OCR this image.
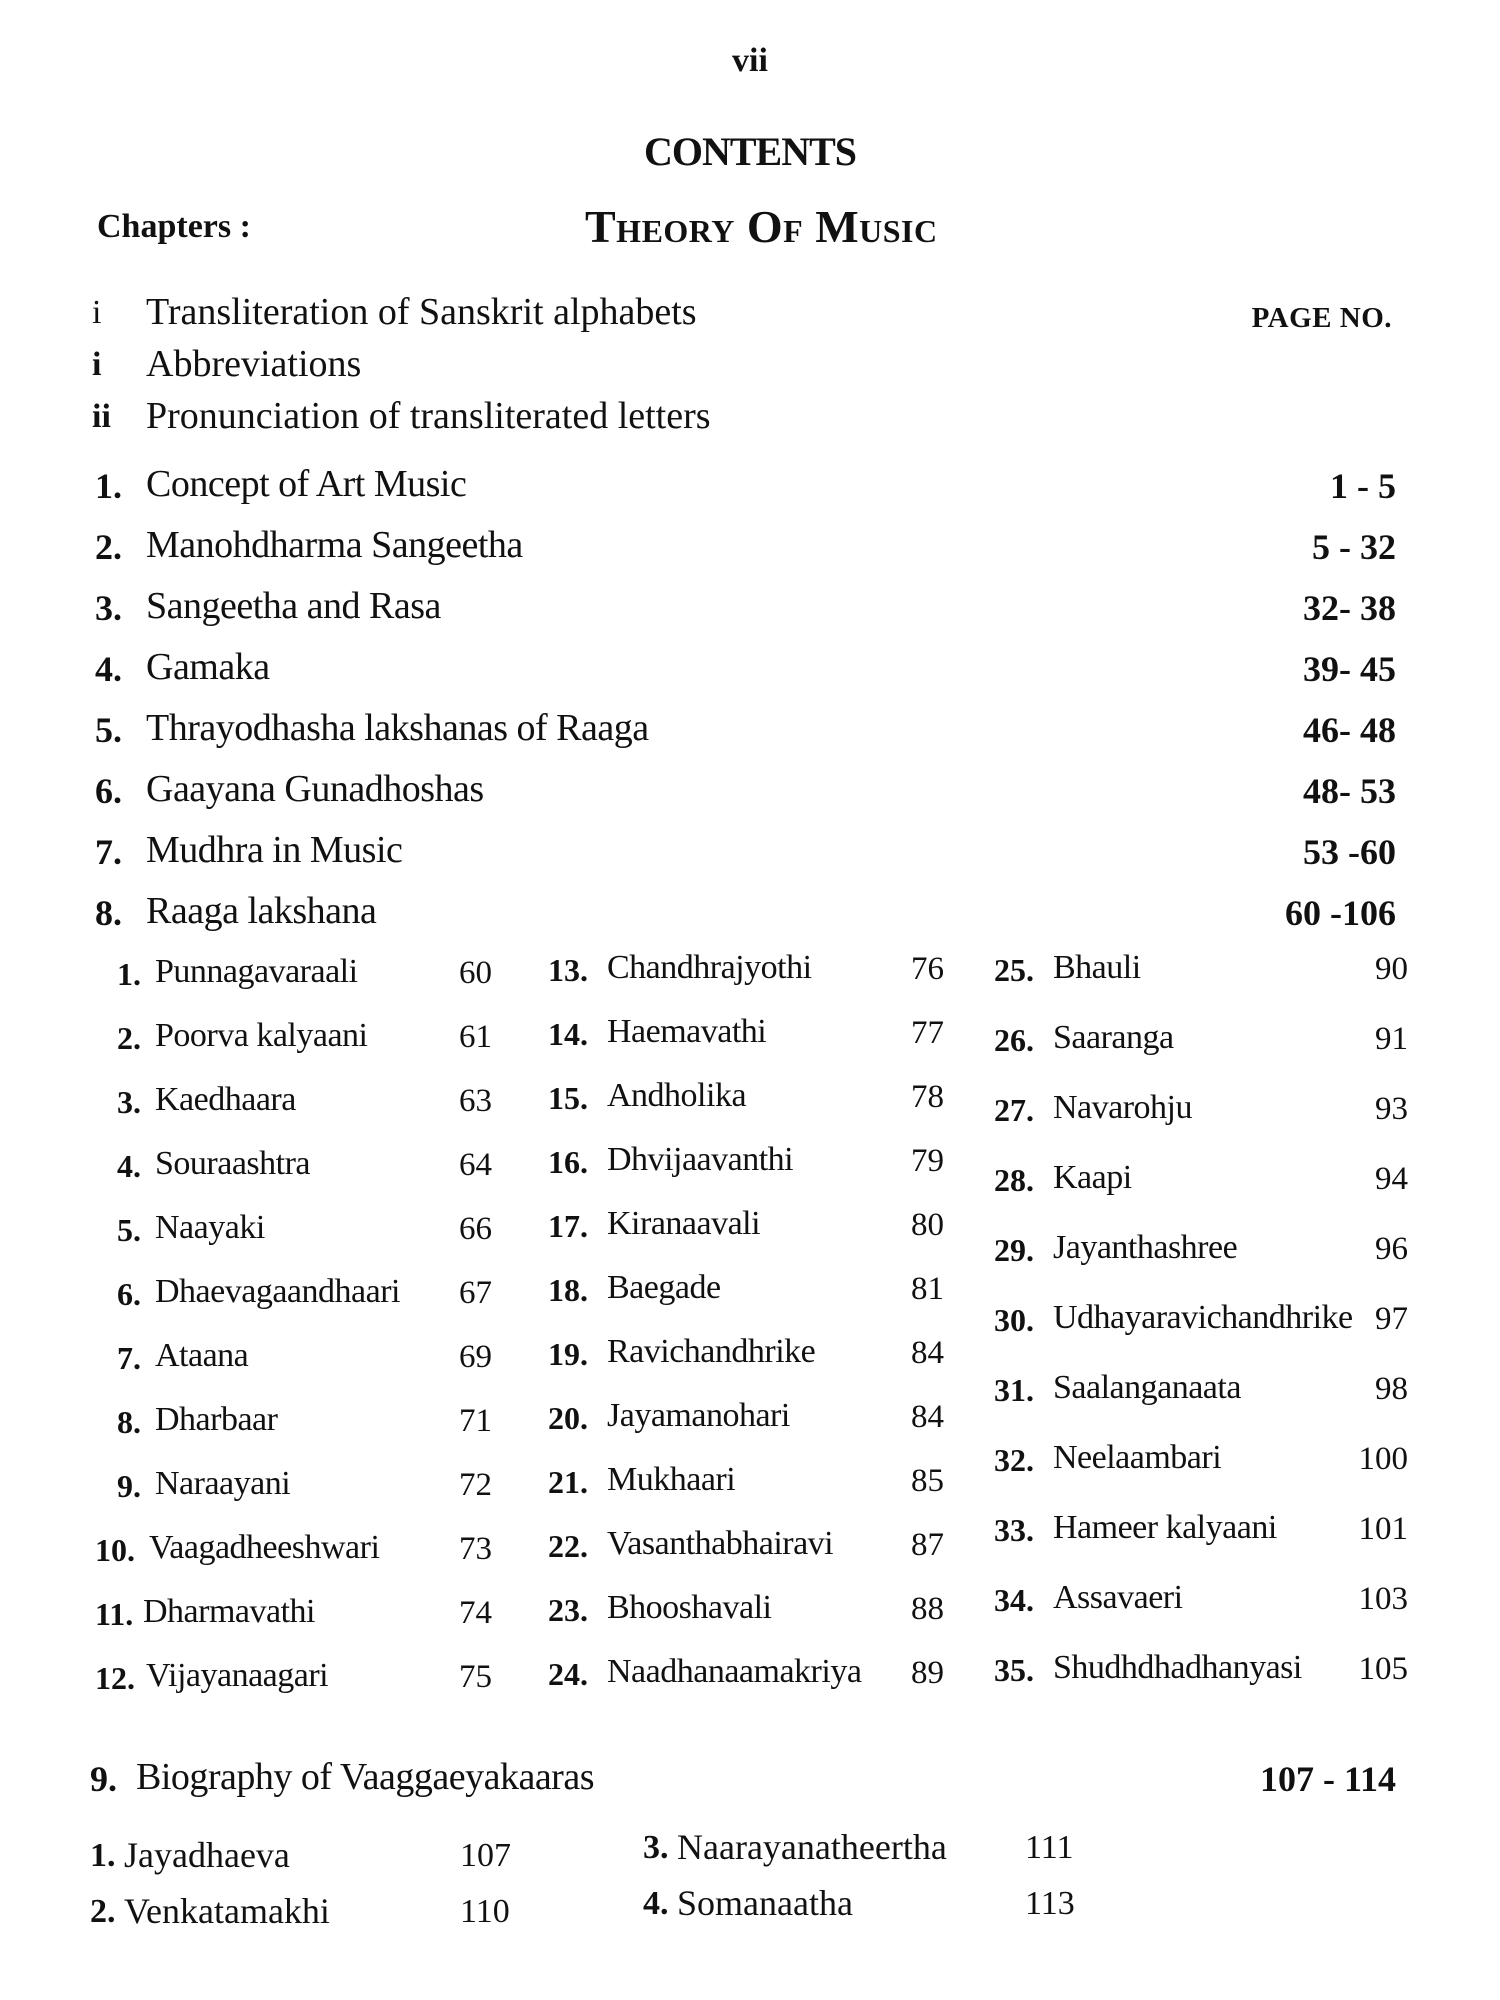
vii
CONTENTS
Chapters :	Theory Of Music
PAGE NO.
i Transliteration of Sanskrit alphabets
i Abbreviations
ii Pronunciation of transliterated letters
1. Concept of Art Music	1 - 5
2. Manohdharma Sangeetha	5 - 32
3. Sangeetha and Rasa	32- 38
4. Gamaka	39- 45
5. Thrayodhasha lakshanas of Raaga	46- 48
6. Gaayana Gunadhoshas	48- 53
7. Mudhra in Music	53 -60
8. Raaga lakshana	60 -106
1. Punnagavaraali	60
2. Poorva kalyaani	61
3. Kaedhaara	63
4. Souraashtra	64
5. Naayaki	66
6. Dhaevagaandhaari	67
7. Ataana	69
8. Dharbaar	71
9. Naraayani	72
10. Vaagadheeshwari	73
11. Dharmavathi	74
12. Vijayanaagari	75
13. Chandhrajyothi	76
14. Haemavathi	77
15. Andholika	78
16. Dhvijaavanthi	79
17. Kiranaavali	80
18. Baegade	81
19. Ravichandhrike	84
20. Jayamanohari	84
21. Mukhaari	85
22. Vasanthabhairavi	87
23. Bhooshavali	88
24. Naadhanaamakriya	89
25. Bhauli	90
26. Saaranga	91
27. Navarohju	93
28. Kaapi	94
29. Jayanthashree	96
30. Udhayaravichandhrike 97
31. Saalanganaata	98
32. Neelaambari	100
33. Hameer kalyaani	101
34. Assavaeri	103
35. Shudhdhadhanyasi	105
9. Biography of Vaaggaeyakaaras	107 - 114
1. Jayadhaeva	107
2. Venkatamakhi	110
3. Naarayanatheertha 111
4. Somanaatha	113
